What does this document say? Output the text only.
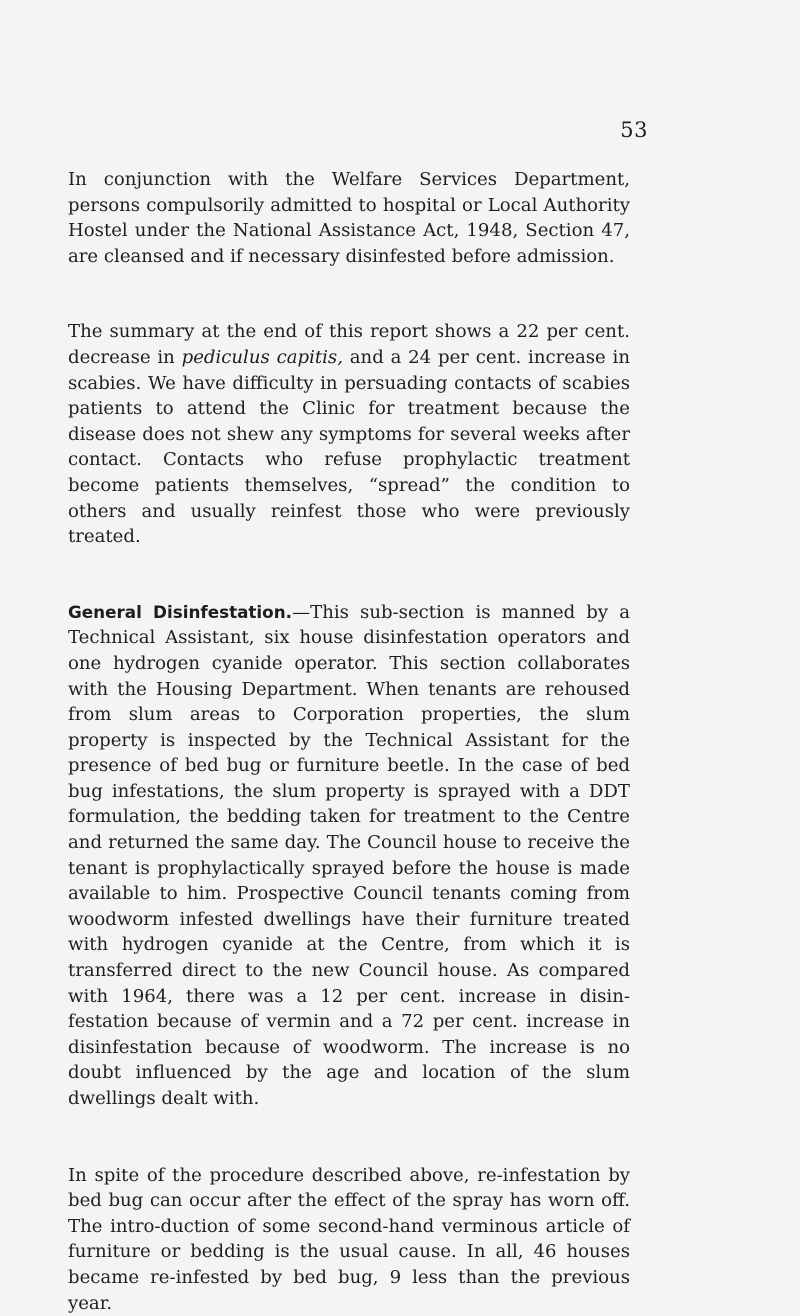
53

In conjunction with the Welfare Services Department, persons compulsorily admitted to hospital or Local Authority Hostel under the National Assistance Act, 1948, Section 47, are cleansed and if necessary disinfested before admission.

The summary at the end of this report shows a 22 per cent. decrease in pediculus capitis, and a 24 per cent. increase in scabies. We have difficulty in persuading contacts of scabies patients to attend the Clinic for treatment because the disease does not shew any symptoms for several weeks after contact. Contacts who refuse prophylactic treatment become patients themselves, “spread” the condition to others and usually reinfest those who were previously treated.

General Disinfestation.—This sub-section is manned by a Technical Assistant, six house disinfestation operators and one hydrogen cyanide operator. This section collaborates with the Housing Department. When tenants are rehoused from slum areas to Corporation properties, the slum property is inspected by the Technical Assistant for the presence of bed bug or furniture beetle. In the case of bed bug infestations, the slum property is sprayed with a DDT formulation, the bedding taken for treatment to the Centre and returned the same day. The Council house to receive the tenant is prophylactically sprayed before the house is made available to him. Prospective Council tenants coming from woodworm infested dwellings have their furniture treated with hydrogen cyanide at the Centre, from which it is transferred direct to the new Council house. As compared with 1964, there was a 12 per cent. increase in disin-festation because of vermin and a 72 per cent. increase in disinfestation because of woodworm. The increase is no doubt influenced by the age and location of the slum dwellings dealt with.

In spite of the procedure described above, re-infestation by bed bug can occur after the effect of the spray has worn off. The intro-duction of some second-hand verminous article of furniture or bedding is the usual cause. In all, 46 houses became re-infested by bed bug, 9 less than the previous year.
